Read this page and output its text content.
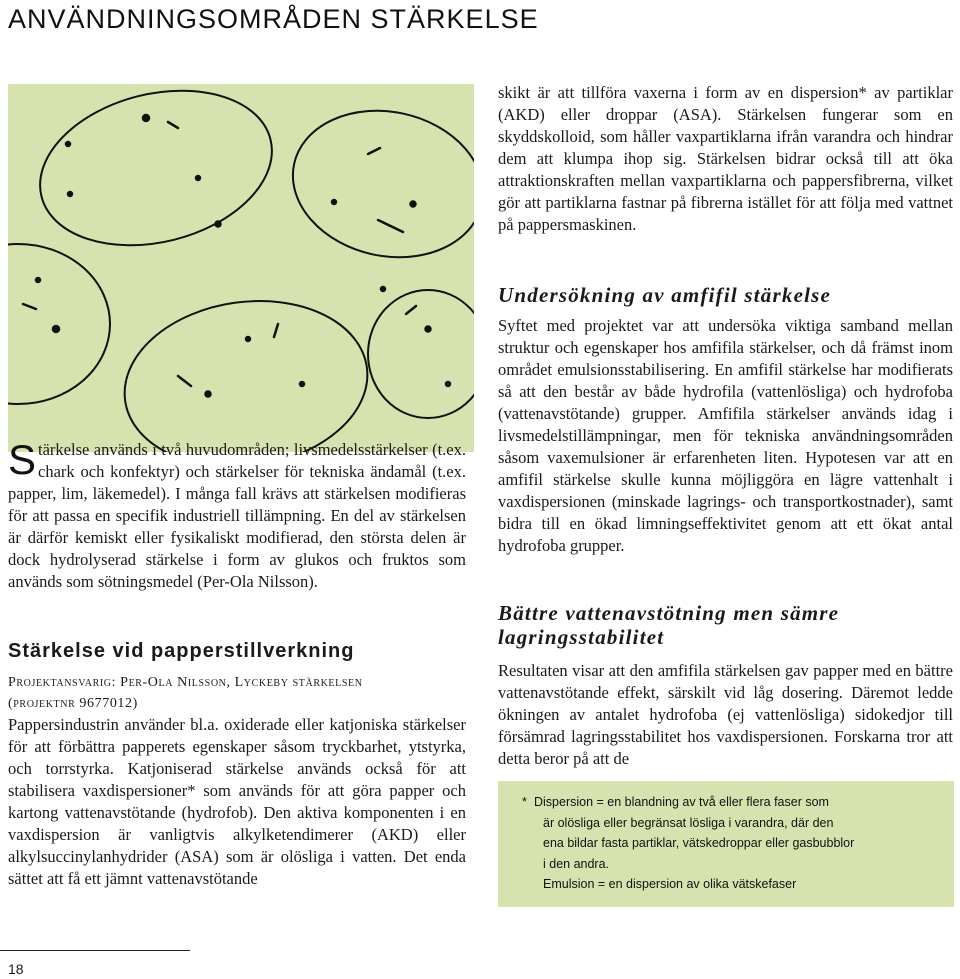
ANVÄNDNINGSOMRÅDEN STÄRKELSE
Stärkelse används i två huvudområden; livsmedelsstärkelser (t.ex. chark och konfektyr) och stärkelser för tekniska ändamål (t.ex. papper, lim, läkemedel). I många fall krävs att stärkelsen modifieras för att passa en specifik industriell tillämpning. En del av stärkelsen är därför kemiskt eller fysikaliskt modifierad, den största delen är dock hydrolyserad stärkelse i form av glukos och fruktos som används som sötningsmedel (Per-Ola Nilsson).
Stärkelse vid papperstillverkning
Projektansvarig: Per-Ola Nilsson, Lyckeby stärkelsen
(projektnr 9677012)

Pappersindustrin använder bl.a. oxiderade eller katjoniska stärkelser för att förbättra papperets egenskaper såsom tryckbarhet, ytstyrka, och torrstyrka. Katjoniserad stärkelse används också för att stabilisera vaxdispersioner* som används för att göra papper och kartong vattenavstötande (hydrofob). Den aktiva komponenten i en vaxdispersion är vanligtvis alkylketendimerer (AKD) eller alkylsuccinylanhydrider (ASA) som är olösliga i vatten. Det enda sättet att få ett jämnt vattenavstötande

skikt är att tillföra vaxerna i form av en dispersion* av partiklar (AKD) eller droppar (ASA). Stärkelsen fungerar som en skyddskolloid, som håller vaxpartiklarna ifrån varandra och hindrar dem att klumpa ihop sig. Stärkelsen bidrar också till att öka attraktionskraften mellan vaxpartiklarna och pappersfibrerna, vilket gör att partiklarna fastnar på fibrerna istället för att följa med vattnet på pappersmaskinen.

Undersökning av amfifil stärkelse

Syftet med projektet var att undersöka viktiga samband mellan struktur och egenskaper hos amfifila stärkelser, och då främst inom området emulsionsstabilisering. En amfifil stärkelse har modifierats så att den består av både hydrofila (vattenlösliga) och hydrofoba (vattenavstötande) grupper. Amfifila stärkelser används idag i livsmedelstillämpningar, men för tekniska användningsområden såsom vaxemulsioner är erfarenheten liten. Hypotesen var att en amfifil stärkelse skulle kunna möjliggöra en lägre vattenhalt i vaxdispersionen (minskade lagrings- och transportkostnader), samt bidra till en ökad limningseffektivitet genom att ett ökat antal hydrofoba grupper.

Bättre vattenavstötning men sämre lagringsstabilitet

Resultaten visar att den amfifila stärkelsen gav papper med en bättre vattenavstötande effekt, särskilt vid låg dosering. Däremot ledde ökningen av antalet hydrofoba (ej vattenlösliga) sidokedjor till försämrad lagringsstabilitet hos vaxdispersionen. Forskarna tror att detta beror på att de

* Dispersion = en blandning av två eller flera faser som
är olösliga eller begränsat lösliga i varandra, där den
ena bildar fasta partiklar, vätskedroppar eller gasbubblor
i den andra.
Emulsion = en dispersion av olika vätskefaser
18
